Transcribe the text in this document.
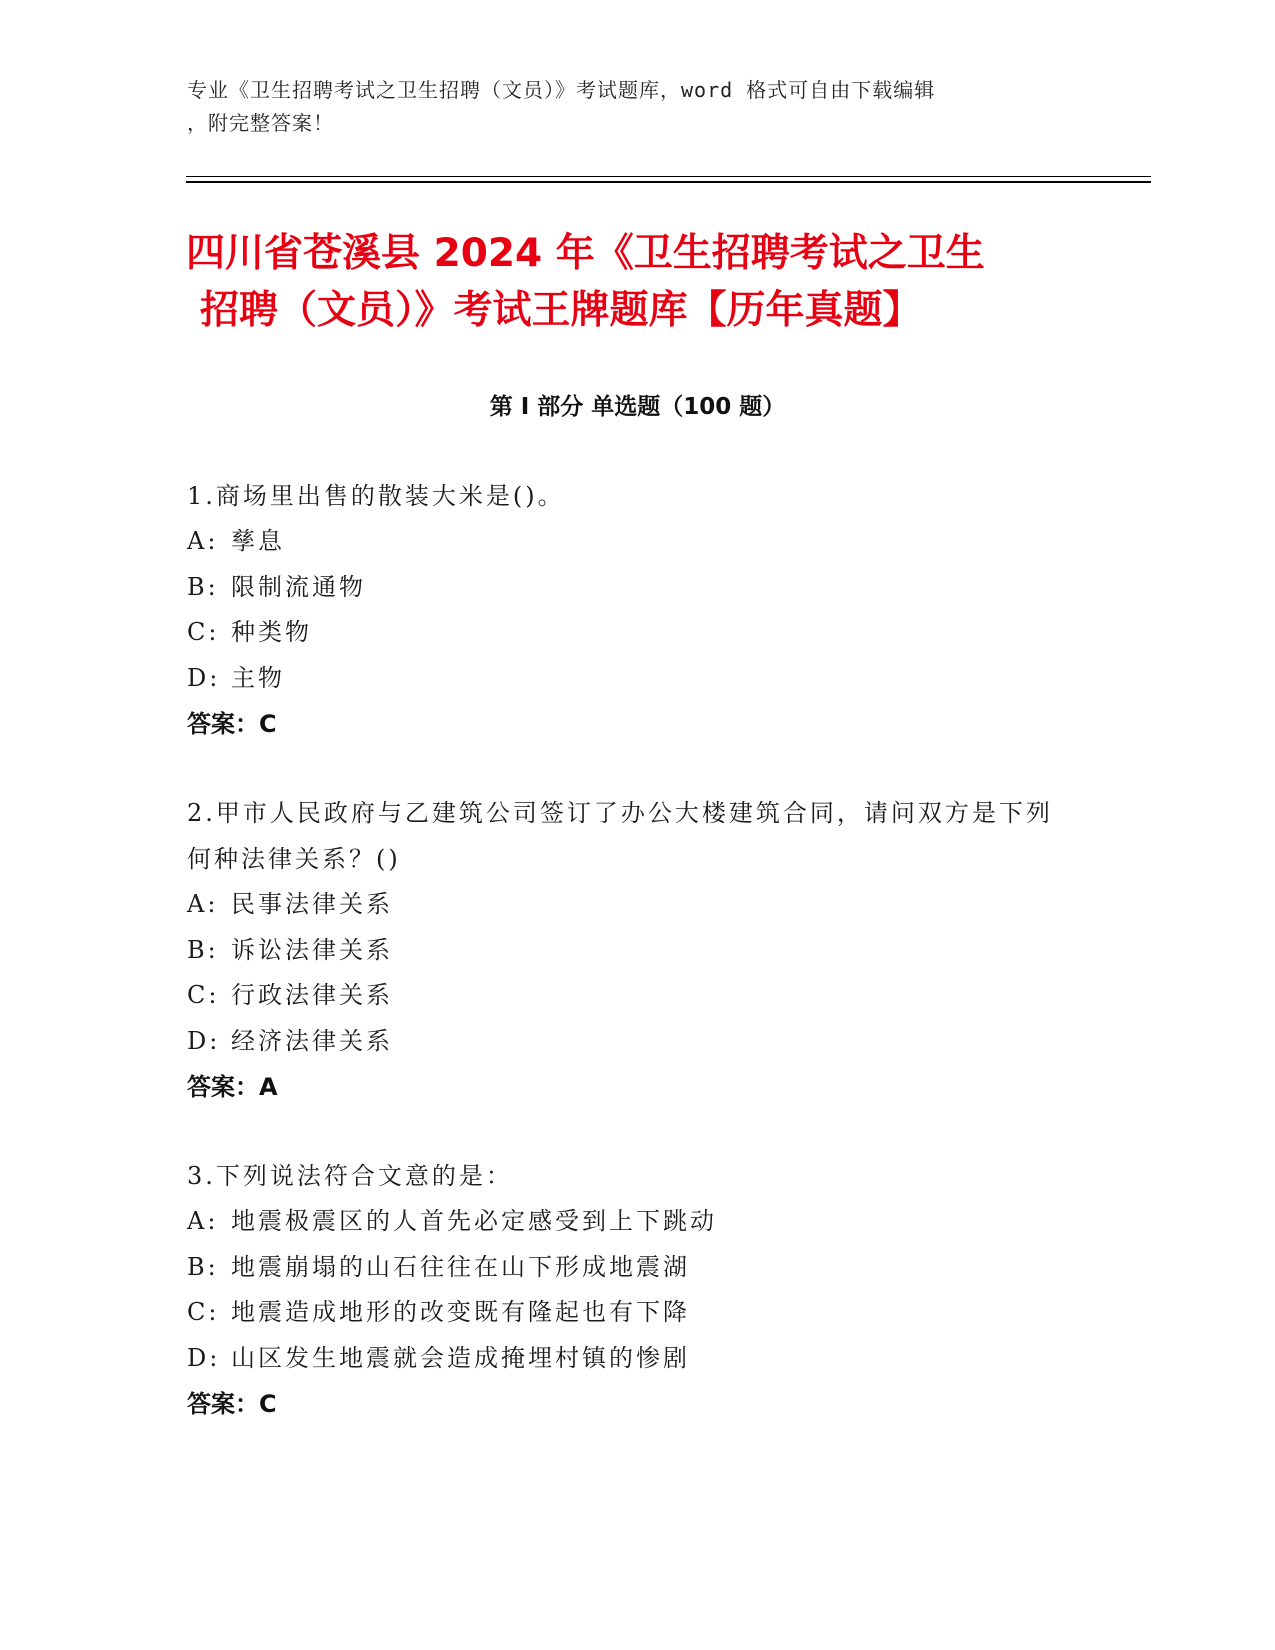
专业《卫生招聘考试之卫生招聘（文员）》考试题库，word 格式可自由下载编辑
，附完整答案！
四川省苍溪县 2024 年《卫生招聘考试之卫生
招聘（文员）》考试王牌题库【历年真题】
第 I 部分 单选题（100 题）
1.商场里出售的散装大米是()。
A: 孳息
B: 限制流通物
C: 种类物
D: 主物
答案：C
2.甲市人民政府与乙建筑公司签订了办公大楼建筑合同，请问双方是下列何种法律关系？()
A: 民事法律关系
B: 诉讼法律关系
C: 行政法律关系
D: 经济法律关系
答案：A
3.下列说法符合文意的是：
A: 地震极震区的人首先必定感受到上下跳动
B: 地震崩塌的山石往往在山下形成地震湖
C: 地震造成地形的改变既有隆起也有下降
D: 山区发生地震就会造成掩埋村镇的惨剧
答案：C
